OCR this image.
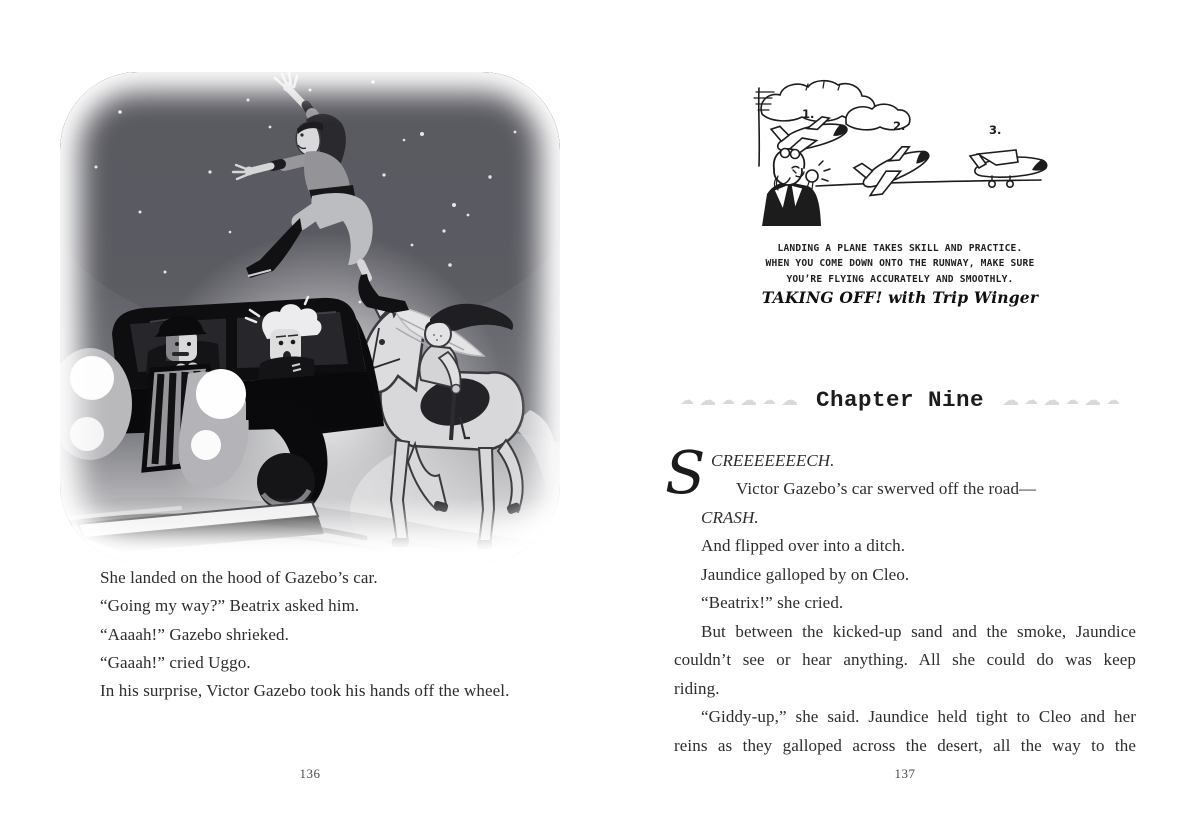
She landed on the hood of Gazebo’s car.
“Going my way?” Beatrix asked him.
“Aaaah!” Gazebo shrieked.
“Gaaah!” cried Uggo.
In his surprise, Victor Gazebo took his hands off the wheel.
136
1.
2.	3.
LANDING A PLANE TAKES SKILL AND PRACTICE.
WHEN YOU COME DOWN ONTO THE RUNWAY, MAKE SURE
YOU’RE FLYING ACCURATELY AND SMOOTHLY.
TAKING OFF! with Trip Winger
☁ ☁ ☁ ☁ ☁ ☁ Chapter Nine ☁ ☁ ☁ ☁ ☁ ☁
S CREEEEEEECH.
Victor Gazebo’s car swerved off the road—
CRASH.
And flipped over into a ditch.
Jaundice galloped by on Cleo.
“Beatrix!” she cried.
But between the kicked-up sand and the smoke, Jaundice
couldn’t see or hear anything. All she could do was keep
riding.
“Giddy-up,” she said. Jaundice held tight to Cleo and her
reins as they galloped across the desert, all the way to the
137
